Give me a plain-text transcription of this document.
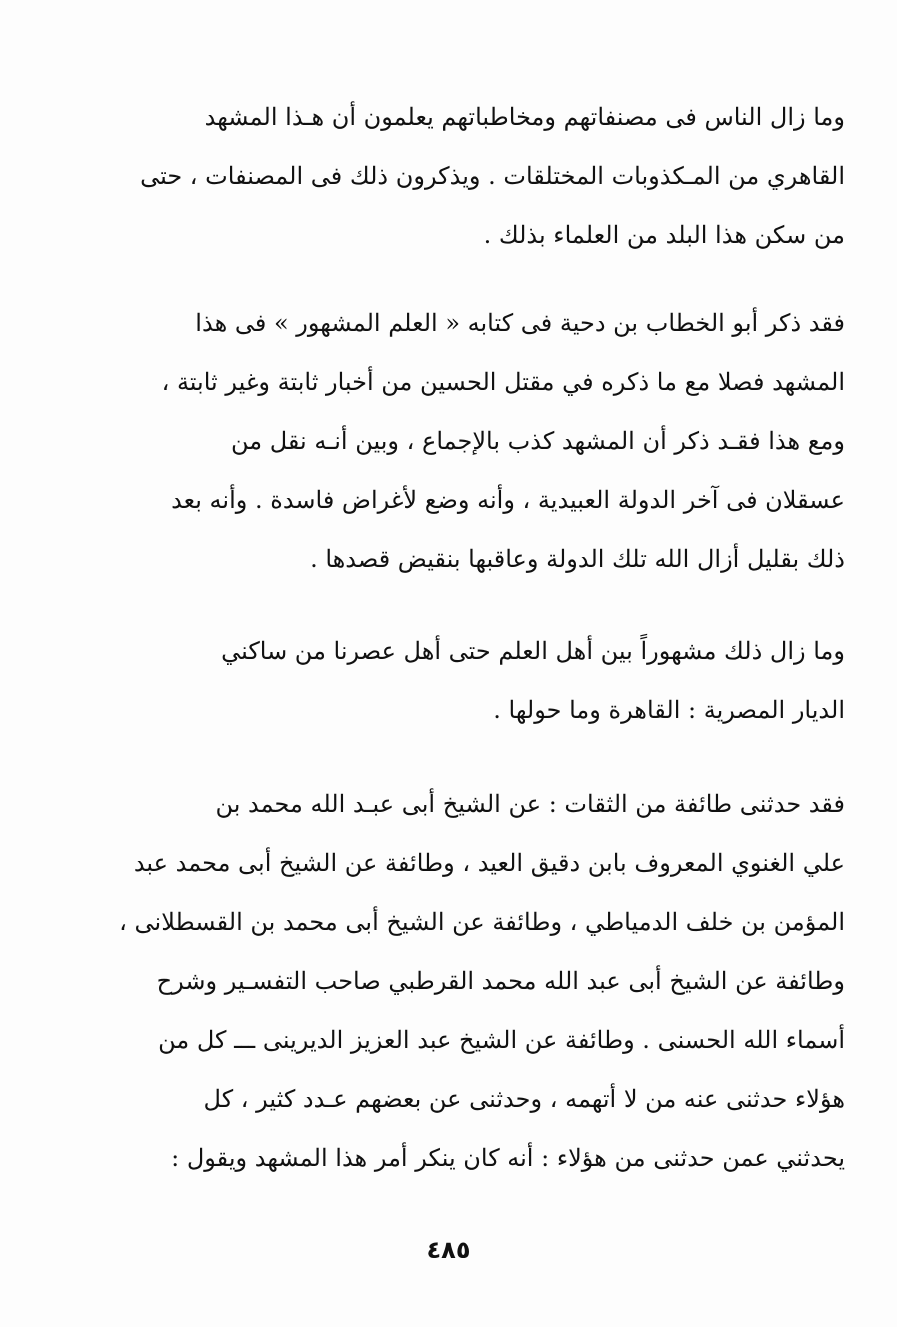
وما زال الناس فى مصنفاتهم ومخاطباتهم يعلمون أن هـذا المشهد
القاهري من المـكذوبات المختلقات . ويذكرون ذلك فى المصنفات ، حتى
من سكن هذا البلد من العلماء بذلك .
فقد ذكر أبو الخطاب بن دحية فى كتابه « العلم المشهور » فى هذا
المشهد فصلا مع ما ذكره في مقتل الحسين من أخبار ثابتة وغير ثابتة ،
ومع هذا فقـد ذكر أن المشهد كذب بالإجماع ، وبين أنـه نقل من
عسقلان فى آخر الدولة العبيدية ، وأنه وضع لأغراض فاسدة . وأنه بعد
ذلك بقليل أزال الله تلك الدولة وعاقبها بنقيض قصدها .
وما زال ذلك مشهوراً بين أهل العلم حتى أهل عصرنا من ساكني
الديار المصرية : القاهرة وما حولها .
فقد حدثنى طائفة من الثقات : عن الشيخ أبى عبـد الله محمد بن
علي الغنوي المعروف بابن دقيق العيد ، وطائفة عن الشيخ أبى محمد عبد
المؤمن بن خلف الدمياطي ، وطائفة عن الشيخ أبى محمد بن القسطلانى ،
وطائفة عن الشيخ أبى عبد الله محمد القرطبي صاحب التفسـير وشرح
أسماء الله الحسنى . وطائفة عن الشيخ عبد العزيز الديرينى ـــ كل من
هؤلاء حدثنى عنه من لا أتهمه ، وحدثنى عن بعضهم عـدد كثير ، كل
يحدثني عمن حدثنى من هؤلاء : أنه كان ينكر أمر هذا المشهد ويقول :
٤٨٥
